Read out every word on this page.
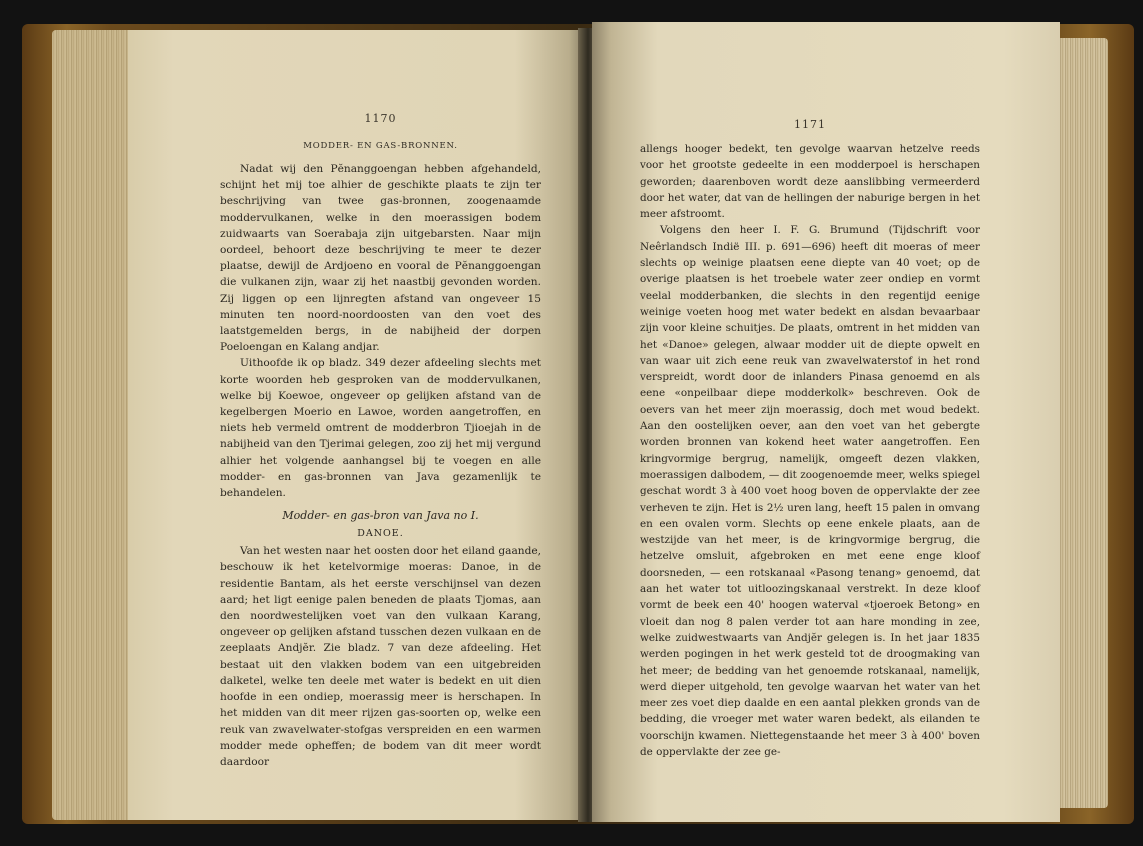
1170
MODDER- EN GAS-BRONNEN.

Nadat wij den Pĕnanggoengan hebben afgehandeld, schijnt het mij toe alhier de geschikte plaats te zijn ter beschrijving van twee gas-bronnen, zoogenaamde moddervulkanen, welke in den moerassigen bodem zuidwaarts van Soerabaja zijn uitgebarsten. Naar mijn oordeel, behoort deze beschrijving te meer te dezer plaatse, dewijl de Ardjoeno en vooral de Pĕnanggoengan die vulkanen zijn, waar zij het naastbij gevonden worden. Zij liggen op een lijnregten afstand van ongeveer 15 minuten ten noord-noordoosten van den voet des laatstgemelden bergs, in de nabijheid der dorpen Poeloengan en Kalang andjar.

Uithoofde ik op bladz. 349 dezer afdeeling slechts met korte woorden heb gesproken van de moddervulkanen, welke bij Koewoe, ongeveer op gelijken afstand van de kegelbergen Moerio en Lawoe, worden aangetroffen, en niets heb vermeld omtrent de modderbron Tjioejah in de nabijheid van den Tjerimai gelegen, zoo zij het mij vergund alhier het volgende aanhangsel bij te voegen en alle modder- en gas-bronnen van Java gezamenlijk te behandelen.

Modder- en gas-bron van Java no I.
DANOE.

Van het westen naar het oosten door het eiland gaande, beschouw ik het ketelvormige moeras: Danoe, in de residentie Bantam, als het eerste verschijnsel van dezen aard; het ligt eenige palen beneden de plaats Tjomas, aan den noordwestelijken voet van den vulkaan Karang, ongeveer op gelijken afstand tusschen dezen vulkaan en de zeeplaats Andjĕr. Zie bladz. 7 van deze afdeeling. Het bestaat uit den vlakken bodem van een uitgebreiden dalketel, welke ten deele met water is bedekt en uit dien hoofde in een ondiep, moerassig meer is herschapen. In het midden van dit meer rijzen gas-soorten op, welke een reuk van zwavelwater-stofgas verspreiden en een warmen modder mede opheffen; de bodem van dit meer wordt daardoor

1171

allengs hooger bedekt, ten gevolge waarvan hetzelve reeds voor het grootste gedeelte in een modderpoel is herschapen geworden; daarenboven wordt deze aanslibbing vermeerderd door het water, dat van de hellingen der naburige bergen in het meer afstroomt.

Volgens den heer I. F. G. Brumund (Tijdschrift voor Neêrlandsch Indië III. p. 691—696) heeft dit moeras of meer slechts op weinige plaatsen eene diepte van 40 voet; op de overige plaatsen is het troebele water zeer ondiep en vormt veelal modderbanken, die slechts in den regentijd eenige weinige voeten hoog met water bedekt en alsdan bevaarbaar zijn voor kleine schuitjes. De plaats, omtrent in het midden van het «Danoe» gelegen, alwaar modder uit de diepte opwelt en van waar uit zich eene reuk van zwavelwaterstof in het rond verspreidt, wordt door de inlanders Pinasa genoemd en als eene «onpeilbaar diepe modderkolk» beschreven. Ook de oevers van het meer zijn moerassig, doch met woud bedekt. Aan den oostelijken oever, aan den voet van het gebergte worden bronnen van kokend heet water aangetroffen. Een kringvormige bergrug, namelijk, omgeeft dezen vlakken, moerassigen dalbodem, — dit zoogenoemde meer, welks spiegel geschat wordt 3 à 400 voet hoog boven de oppervlakte der zee verheven te zijn. Het is 2½ uren lang, heeft 15 palen in omvang en een ovalen vorm. Slechts op eene enkele plaats, aan de westzijde van het meer, is de kringvormige bergrug, die hetzelve omsluit, afgebroken en met eene enge kloof doorsneden, — een rotskanaal «Pasong tenang» genoemd, dat aan het water tot uitloozingskanaal verstrekt. In deze kloof vormt de beek een 40' hoogen waterval «tjoeroek Betong» en vloeit dan nog 8 palen verder tot aan hare monding in zee, welke zuidwestwaarts van Andjĕr gelegen is. In het jaar 1835 werden pogingen in het werk gesteld tot de droogmaking van het meer; de bedding van het genoemde rotskanaal, namelijk, werd dieper uitgehold, ten gevolge waarvan het water van het meer zes voet diep daalde en een aantal plekken gronds van de bedding, die vroeger met water waren bedekt, als eilanden te voorschijn kwamen. Niettegenstaande het meer 3 à 400' boven de oppervlakte der zee ge-
